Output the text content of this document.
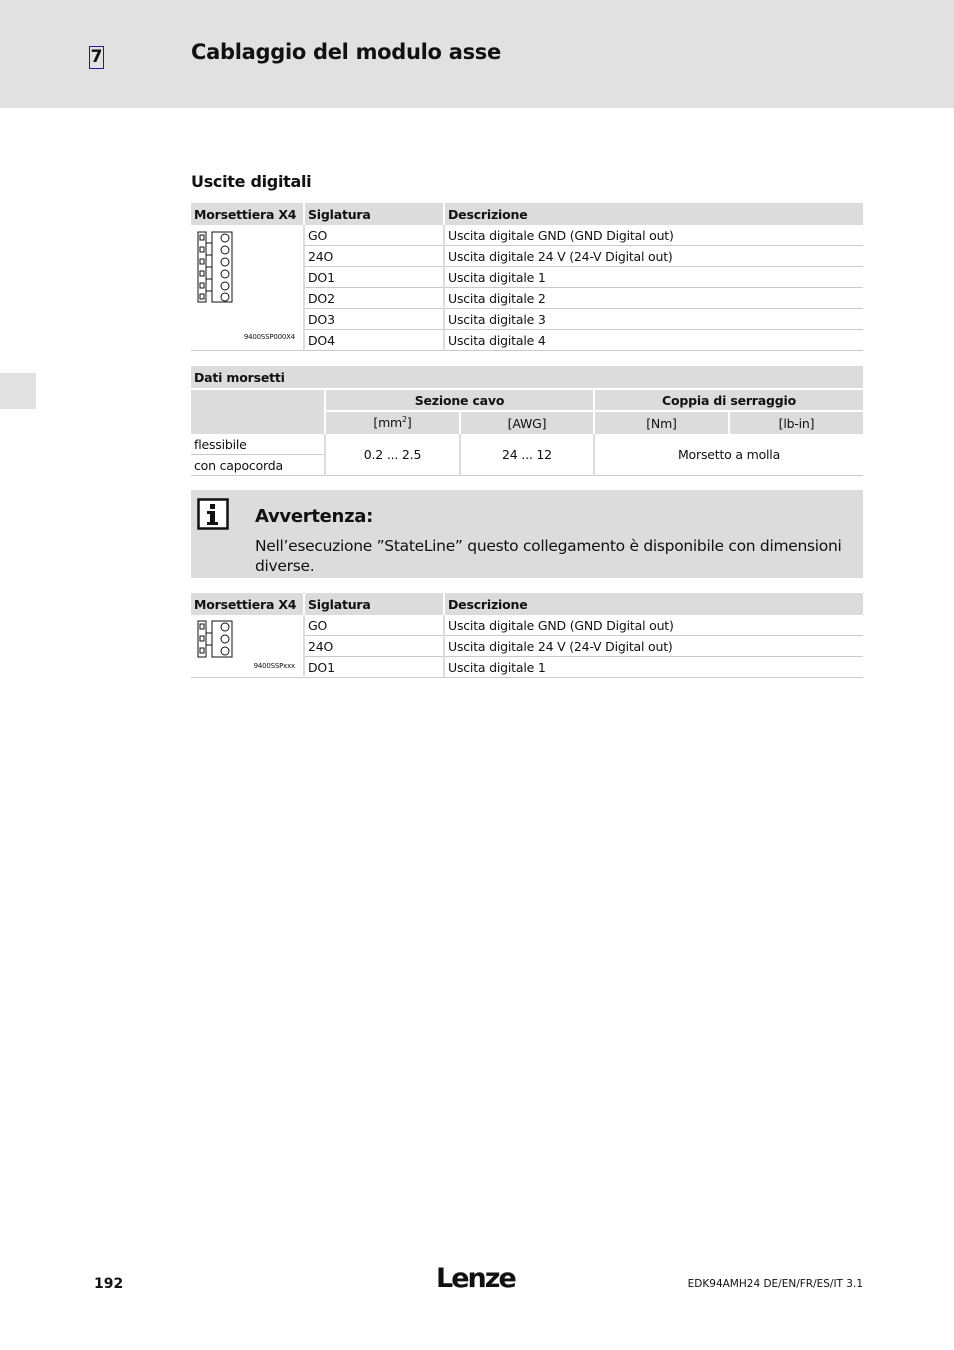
7	Cablaggio del modulo asse
Uscite digitali
Morsettiera X4	Siglatura	Descrizione

9400SSP000X4	GO	Uscita digitale GND (GND Digital out)
	24O	Uscita digitale 24 V (24-V Digital out)
	DO1	Uscita digitale 1
	DO2	Uscita digitale 2
	DO3	Uscita digitale 3
	DO4	Uscita digitale 4
Dati morsetti				
	Sezione cavo		Coppia di serraggio	
	$[mm^2]$	[AWG]	[Nm]	[lb-in]
flessibile	0.2 ... 2.5	24 ... 12	Morsetto a molla	
con capocorda				
Avvertenza:
Nell’esecuzione ”StateLine” questo collegamento è disponibile con dimensioni diverse.
Morsettiera X4	Siglatura	Descrizione

9400SSPxxx	GO	Uscita digitale GND (GND Digital out)
	24O	Uscita digitale 24 V (24-V Digital out)
	DO1	Uscita digitale 1
192	Lenze	EDK94AMH24 DE/EN/FR/ES/IT 3.1
